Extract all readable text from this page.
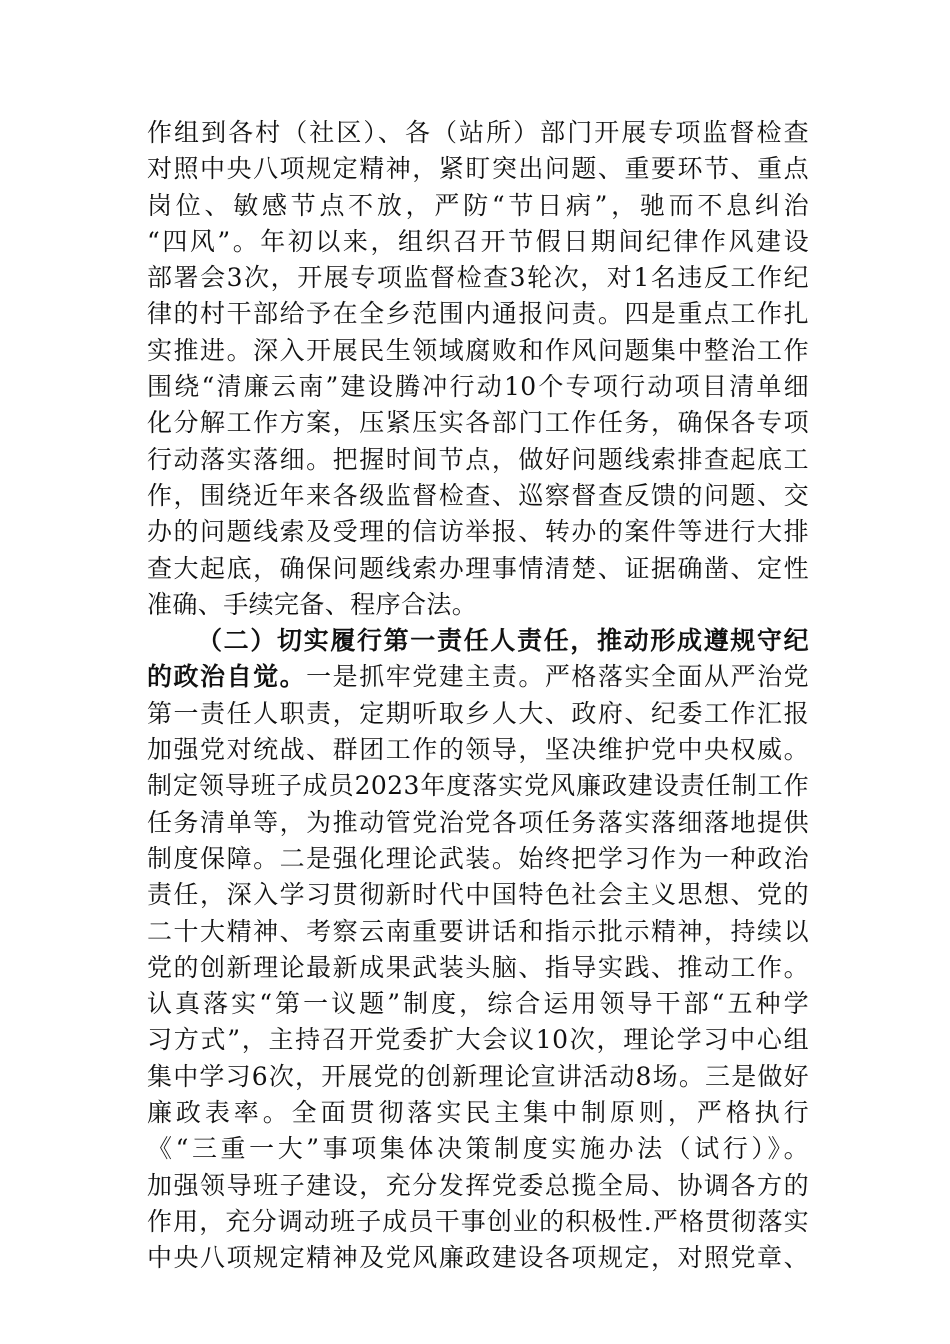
作组到各村（社区）、各（站所）部门开展专项监督检查
对照中央八项规定精神，紧盯突出问题、重要环节、重点
岗位、敏感节点不放，严防“节日病”，驰而不息纠治
“四风”。年初以来，组织召开节假日期间纪律作风建设
部署会3次，开展专项监督检查3轮次，对1名违反工作纪
律的村干部给予在全乡范围内通报问责。四是重点工作扎
实推进。深入开展民生领域腐败和作风问题集中整治工作
围绕“清廉云南”建设腾冲行动10个专项行动项目清单细
化分解工作方案，压紧压实各部门工作任务，确保各专项
行动落实落细。把握时间节点，做好问题线索排查起底工
作，围绕近年来各级监督检查、巡察督查反馈的问题、交
办的问题线索及受理的信访举报、转办的案件等进行大排
查大起底，确保问题线索办理事情清楚、证据确凿、定性
准确、手续完备、程序合法。
（二）切实履行第一责任人责任，推动形成遵规守纪
的政治自觉。一是抓牢党建主责。严格落实全面从严治党
第一责任人职责，定期听取乡人大、政府、纪委工作汇报
加强党对统战、群团工作的领导，坚决维护党中央权威。
制定领导班子成员2023年度落实党风廉政建设责任制工作
任务清单等，为推动管党治党各项任务落实落细落地提供
制度保障。二是强化理论武装。始终把学习作为一种政治
责任，深入学习贯彻新时代中国特色社会主义思想、党的
二十大精神、考察云南重要讲话和指示批示精神，持续以
党的创新理论最新成果武装头脑、指导实践、推动工作。
认真落实“第一议题”制度，综合运用领导干部“五种学
习方式”，主持召开党委扩大会议10次，理论学习中心组
集中学习6次，开展党的创新理论宣讲活动8场。三是做好
廉政表率。全面贯彻落实民主集中制原则，严格执行
《“三重一大”事项集体决策制度实施办法（试行）》。
加强领导班子建设，充分发挥党委总揽全局、协调各方的
作用，充分调动班子成员干事创业的积极性.严格贯彻落实
中央八项规定精神及党风廉政建设各项规定，对照党章、
